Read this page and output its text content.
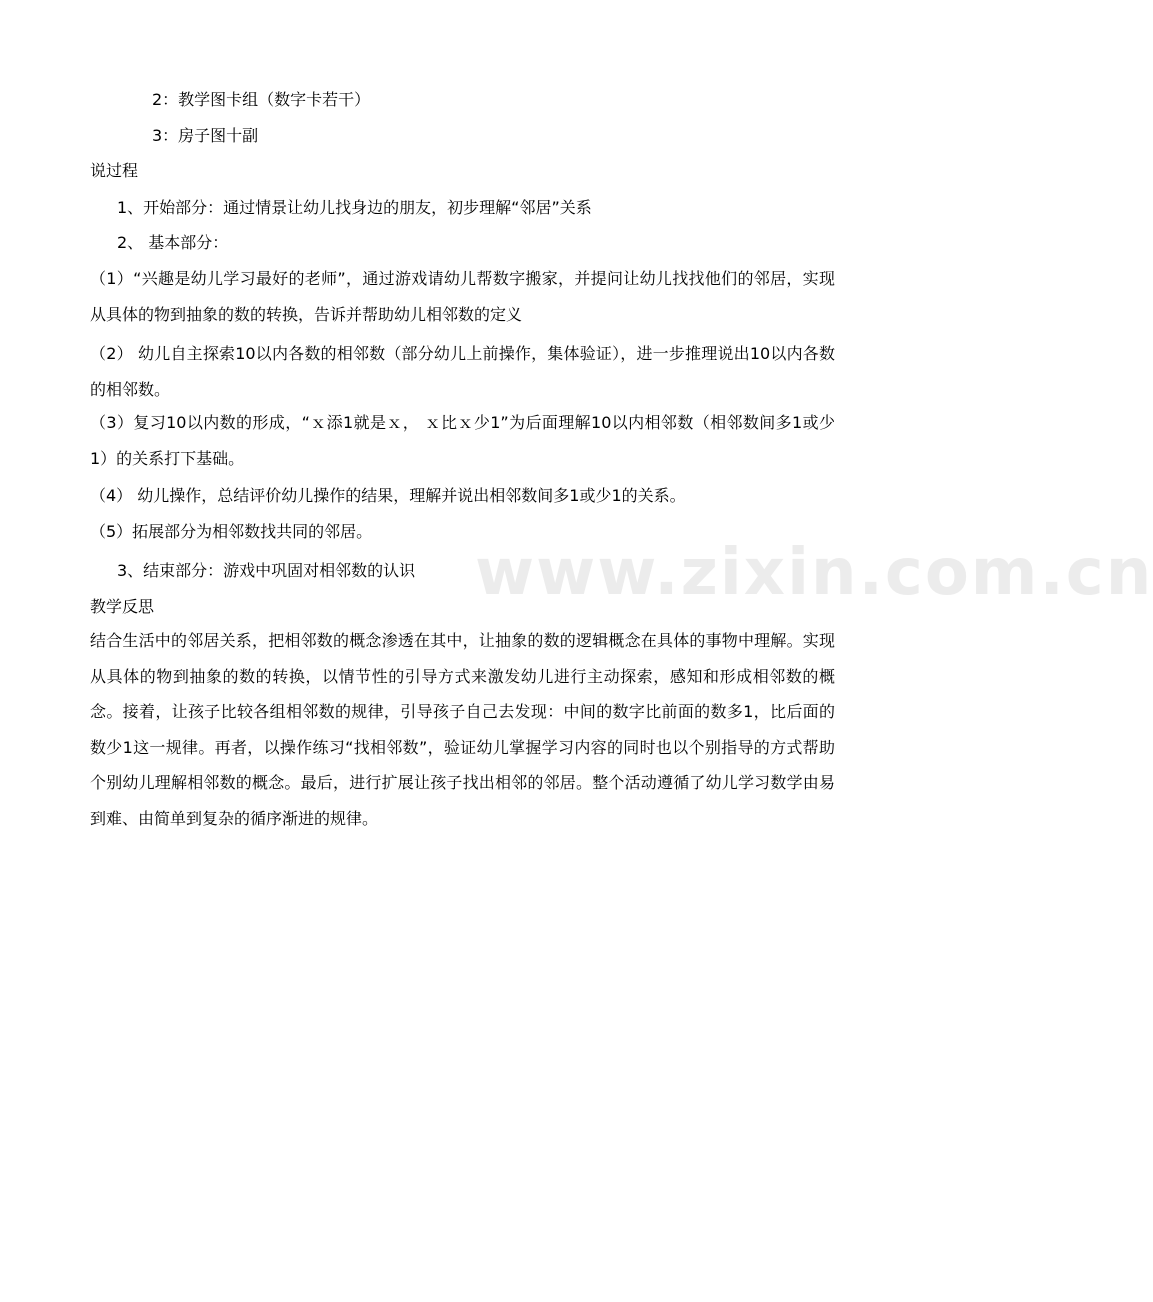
www.zixin.com.cn
2：教学图卡组（数字卡若干）
3：房子图十副
说过程
1、开始部分：通过情景让幼儿找身边的朋友，初步理解“邻居”关系
2、 基本部分：
（1）“兴趣是幼儿学习最好的老师”，通过游戏请幼儿帮数字搬家，并提问让幼儿找找他们的邻居，实现从具体的物到抽象的数的转换，告诉并帮助幼儿相邻数的定义
（2） 幼儿自主探索10以内各数的相邻数（部分幼儿上前操作，集体验证），进一步推理说出10以内各数的相邻数。
（3）复习10以内数的形成，“ｘ添1就是ｘ， ｘ比ｘ少1”为后面理解10以内相邻数（相邻数间多1或少1）的关系打下基础。
（4） 幼儿操作，总结评价幼儿操作的结果，理解并说出相邻数间多1或少1的关系。
（5）拓展部分为相邻数找共同的邻居。
3、结束部分：游戏中巩固对相邻数的认识
教学反思
结合生活中的邻居关系，把相邻数的概念渗透在其中，让抽象的数的逻辑概念在具体的事物中理解。实现从具体的物到抽象的数的转换，以情节性的引导方式来激发幼儿进行主动探索，感知和形成相邻数的概念。接着，让孩子比较各组相邻数的规律，引导孩子自己去发现：中间的数字比前面的数多1，比后面的数少1这一规律。再者，以操作练习“找相邻数”，验证幼儿掌握学习内容的同时也以个别指导的方式帮助个别幼儿理解相邻数的概念。最后，进行扩展让孩子找出相邻的邻居。整个活动遵循了幼儿学习数学由易到难、由简单到复杂的循序渐进的规律。
